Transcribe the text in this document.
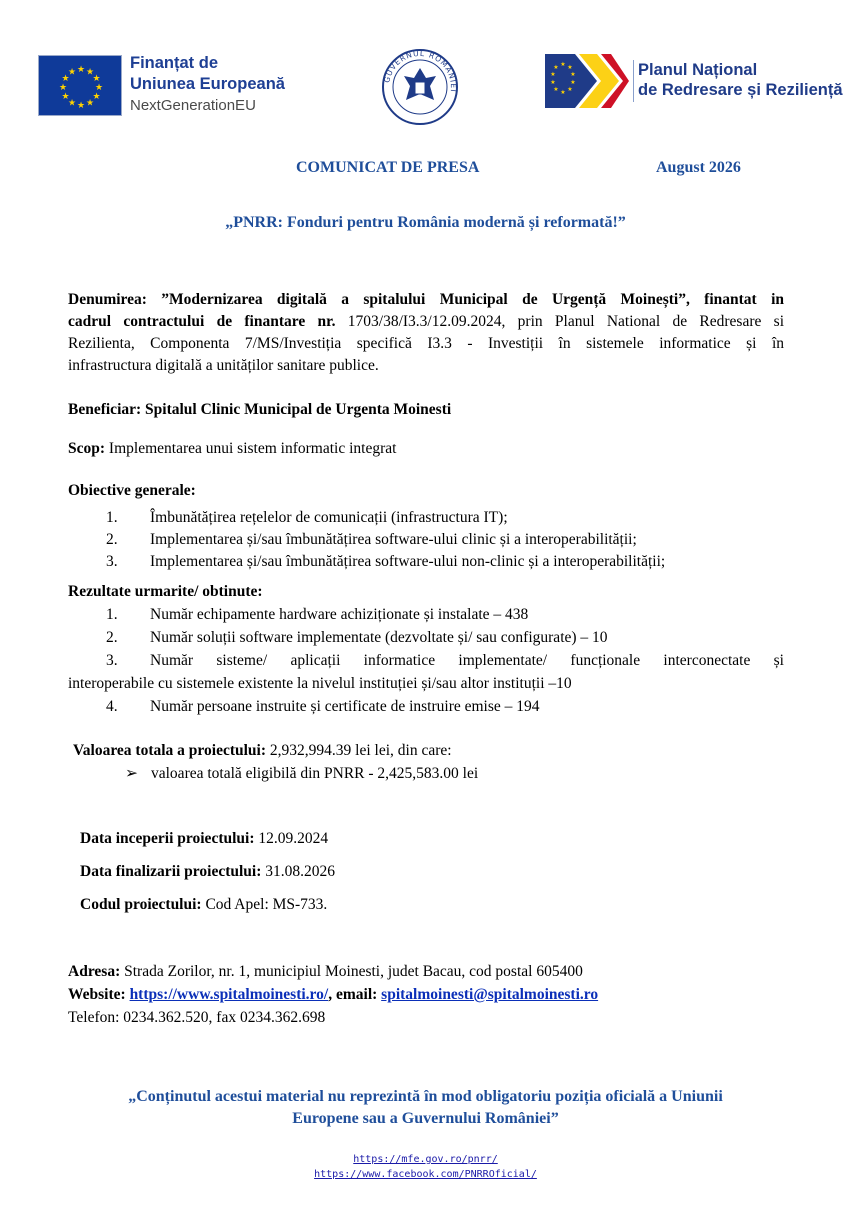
★ ★
★
★
★
★
★
★
★
★
★
★
Finanțat de
Uniunea Europeană
NextGenerationEU
GUVERNUL ROMÂNIEI
★ ★
★
★
★
★
★
★
★
★	Planul Național
de Redresare și Reziliență
COMUNICAT DE PRESA	August 2026
„PNRR: Fonduri pentru România modernă și reformată!”
Denumirea: ”Modernizarea digitală a spitalului Municipal de Urgență Moinești”, finantat in
cadrul contractului de finantare nr. 1703/38/I3.3/12.09.2024, prin Planul National de Redresare si
Rezilienta, Componenta 7/MS/Investiția specifică I3.3 - Investiții în sistemele informatice și în
infrastructura digitală a unităților sanitare publice.
Beneficiar: Spitalul Clinic Municipal de Urgenta Moinesti
Scop: Implementarea unui sistem informatic integrat
Obiective generale:
1. Îmbunătățirea rețelelor de comunicații (infrastructura IT);
2. Implementarea și/sau îmbunătățirea software-ului clinic și a interoperabilității;
3. Implementarea și/sau îmbunătățirea software-ului non-clinic și a interoperabilității;
Rezultate urmarite/ obtinute:
1. Număr echipamente hardware achiziționate și instalate – 438
2. Număr soluții software implementate (dezvoltate și/ sau configurate) – 10
3. Număr sisteme/ aplicații informatice implementate/ funcționale interconectate și
interoperabile cu sistemele existente la nivelul instituției și/sau altor instituții –10
4. Număr persoane instruite și certificate de instruire emise – 194
Valoarea totala a proiectului: 2,932,994.39 lei lei, din care:
➢ valoarea totală eligibilă din PNRR - 2,425,583.00 lei
Data inceperii proiectului: 12.09.2024
Data finalizarii proiectului: 31.08.2026
Codul proiectului: Cod Apel: MS-733.
Adresa: Strada Zorilor, nr. 1, municipiul Moinesti, judet Bacau, cod postal 605400
Website: https://www.spitalmoinesti.ro/, email: spitalmoinesti@spitalmoinesti.ro
Telefon: 0234.362.520, fax 0234.362.698
„Conținutul acestui material nu reprezintă în mod obligatoriu poziția oficială a Uniunii
Europene sau a Guvernului României”
https://mfe.gov.ro/pnrr/
https://www.facebook.com/PNRROficial/
